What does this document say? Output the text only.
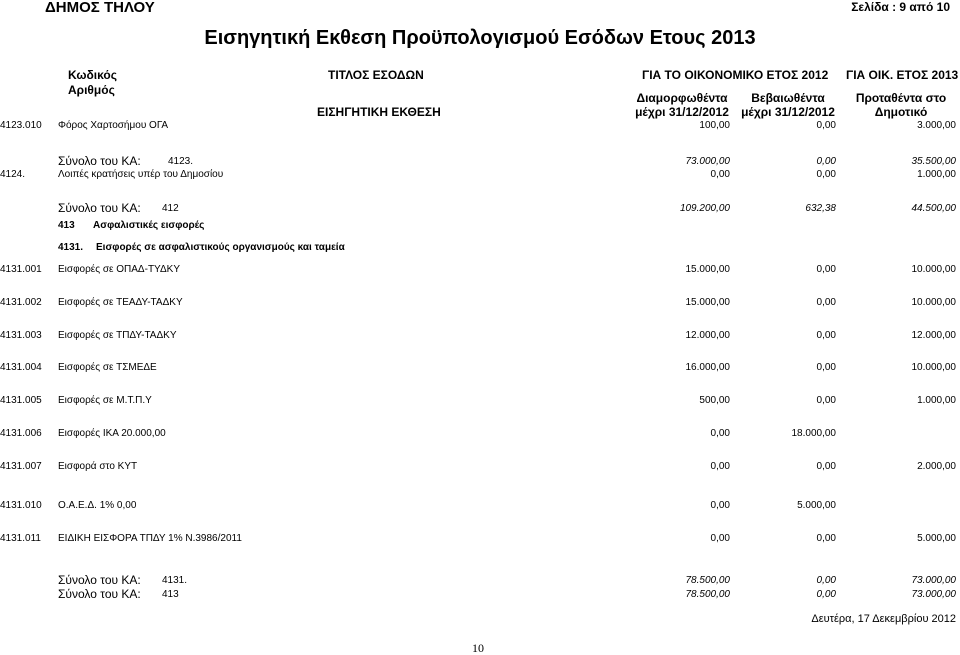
ΔΗΜΟΣ ΤΗΛΟΥ	Σελίδα : 9 από 10
Εισηγητική Εκθεση Προϋπολογισμού Εσόδων Ετους 2013
Κωδικός
Αριθμός
ΤΙΤΛΟΣ ΕΣΟΔΩΝ
ΕΙΣΗΓΗΤΙΚΗ ΕΚΘΕΣΗ
ΓΙΑ ΤΟ ΟΙΚΟΝΟΜΙΚΟ ΕΤΟΣ 2012
Διαμορφωθέντα
μέχρι 31/12/2012
Βεβαιωθέντα
μέχρι 31/12/2012
ΓΙΑ ΟΙΚ. ΕΤΟΣ 2013
Προταθέντα στο
Δημοτικό
4123.010 Φόρος Χαρτοσήμου ΟΓΑ	100,00	0,00	3.000,00
Σύνολο του ΚΑ:	4123.	73.000,00	0,00	35.500,00
4124.	Λοιπές κρατήσεις υπέρ του Δημοσίου	0,00	0,00	1.000,00
Σύνολο του ΚΑ: 412	109.200,00	632,38	44.500,00
413 Ασφαλιστικές εισφορές
4131. Εισφορές σε ασφαλιστικούς οργανισμούς και ταμεία
4131.001 Εισφορές σε ΟΠΑΔ-ΤΥΔΚΥ	15.000,00	0,00	10.000,00
4131.002 Εισφορές σε ΤΕΑΔΥ-ΤΑΔΚΥ	15.000,00	0,00	10.000,00
4131.003 Εισφορές σε ΤΠΔΥ-ΤΑΔΚΥ	12.000,00	0,00	12.000,00
4131.004 Εισφορές σε ΤΣΜΕΔΕ	16.000,00	0,00	10.000,00
4131.005 Εισφορές σε Μ.Τ.Π.Υ	500,00	0,00	1.000,00
4131.006 Εισφορές ΙΚΑ 20.000,00	0,00	18.000,00
4131.007 Εισφορά στο ΚΥΤ	0,00	0,00	2.000,00
4131.010 Ο.Α.Ε.Δ. 1% 0,00	0,00	5.000,00
4131.011 ΕΙΔΙΚΗ ΕΙΣΦΟΡΑ ΤΠΔΥ 1% Ν.3986/2011	0,00	0,00	5.000,00
Σύνολο του ΚΑ: 4131.	78.500,00	0,00	73.000,00
Σύνολο του ΚΑ: 413	78.500,00	0,00	73.000,00
Δευτέρα, 17 Δεκεμβρίου 2012
10
